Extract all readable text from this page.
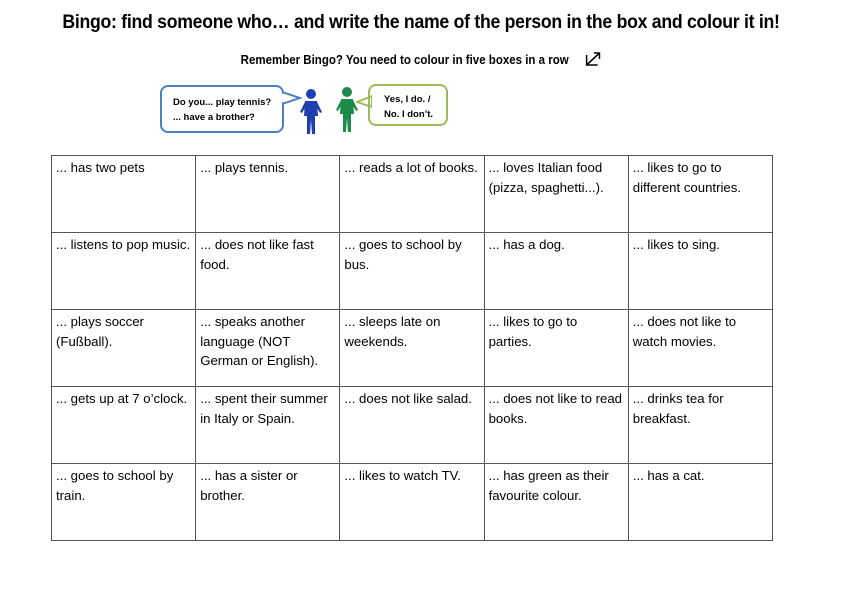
Bingo: find someone who… and write the name of the person in the box and colour it in!
Remember Bingo? You need to colour in five boxes in a row
Do you... play tennis?
... have a brother?
Yes, I do. /
No. I don’t.
... has two pets	... plays tennis.	... reads a lot of books.	... loves Italian food (pizza, spaghetti...).	... likes to go to different countries.
... listens to pop music.	... does not like fast food.	... goes to school by bus.	... has a dog.	... likes to sing.
... plays soccer (Fußball).	... speaks another language (NOT German or English).	... sleeps late on weekends.	... likes to go to parties.	... does not like to watch movies.
... gets up at 7 o’clock.	... spent their summer in Italy or Spain.	... does not like salad.	... does not like to read books.	... drinks tea for breakfast.
... goes to school by train.	... has a sister or brother.	... likes to watch TV.	... has green as their favourite colour.	... has a cat.
